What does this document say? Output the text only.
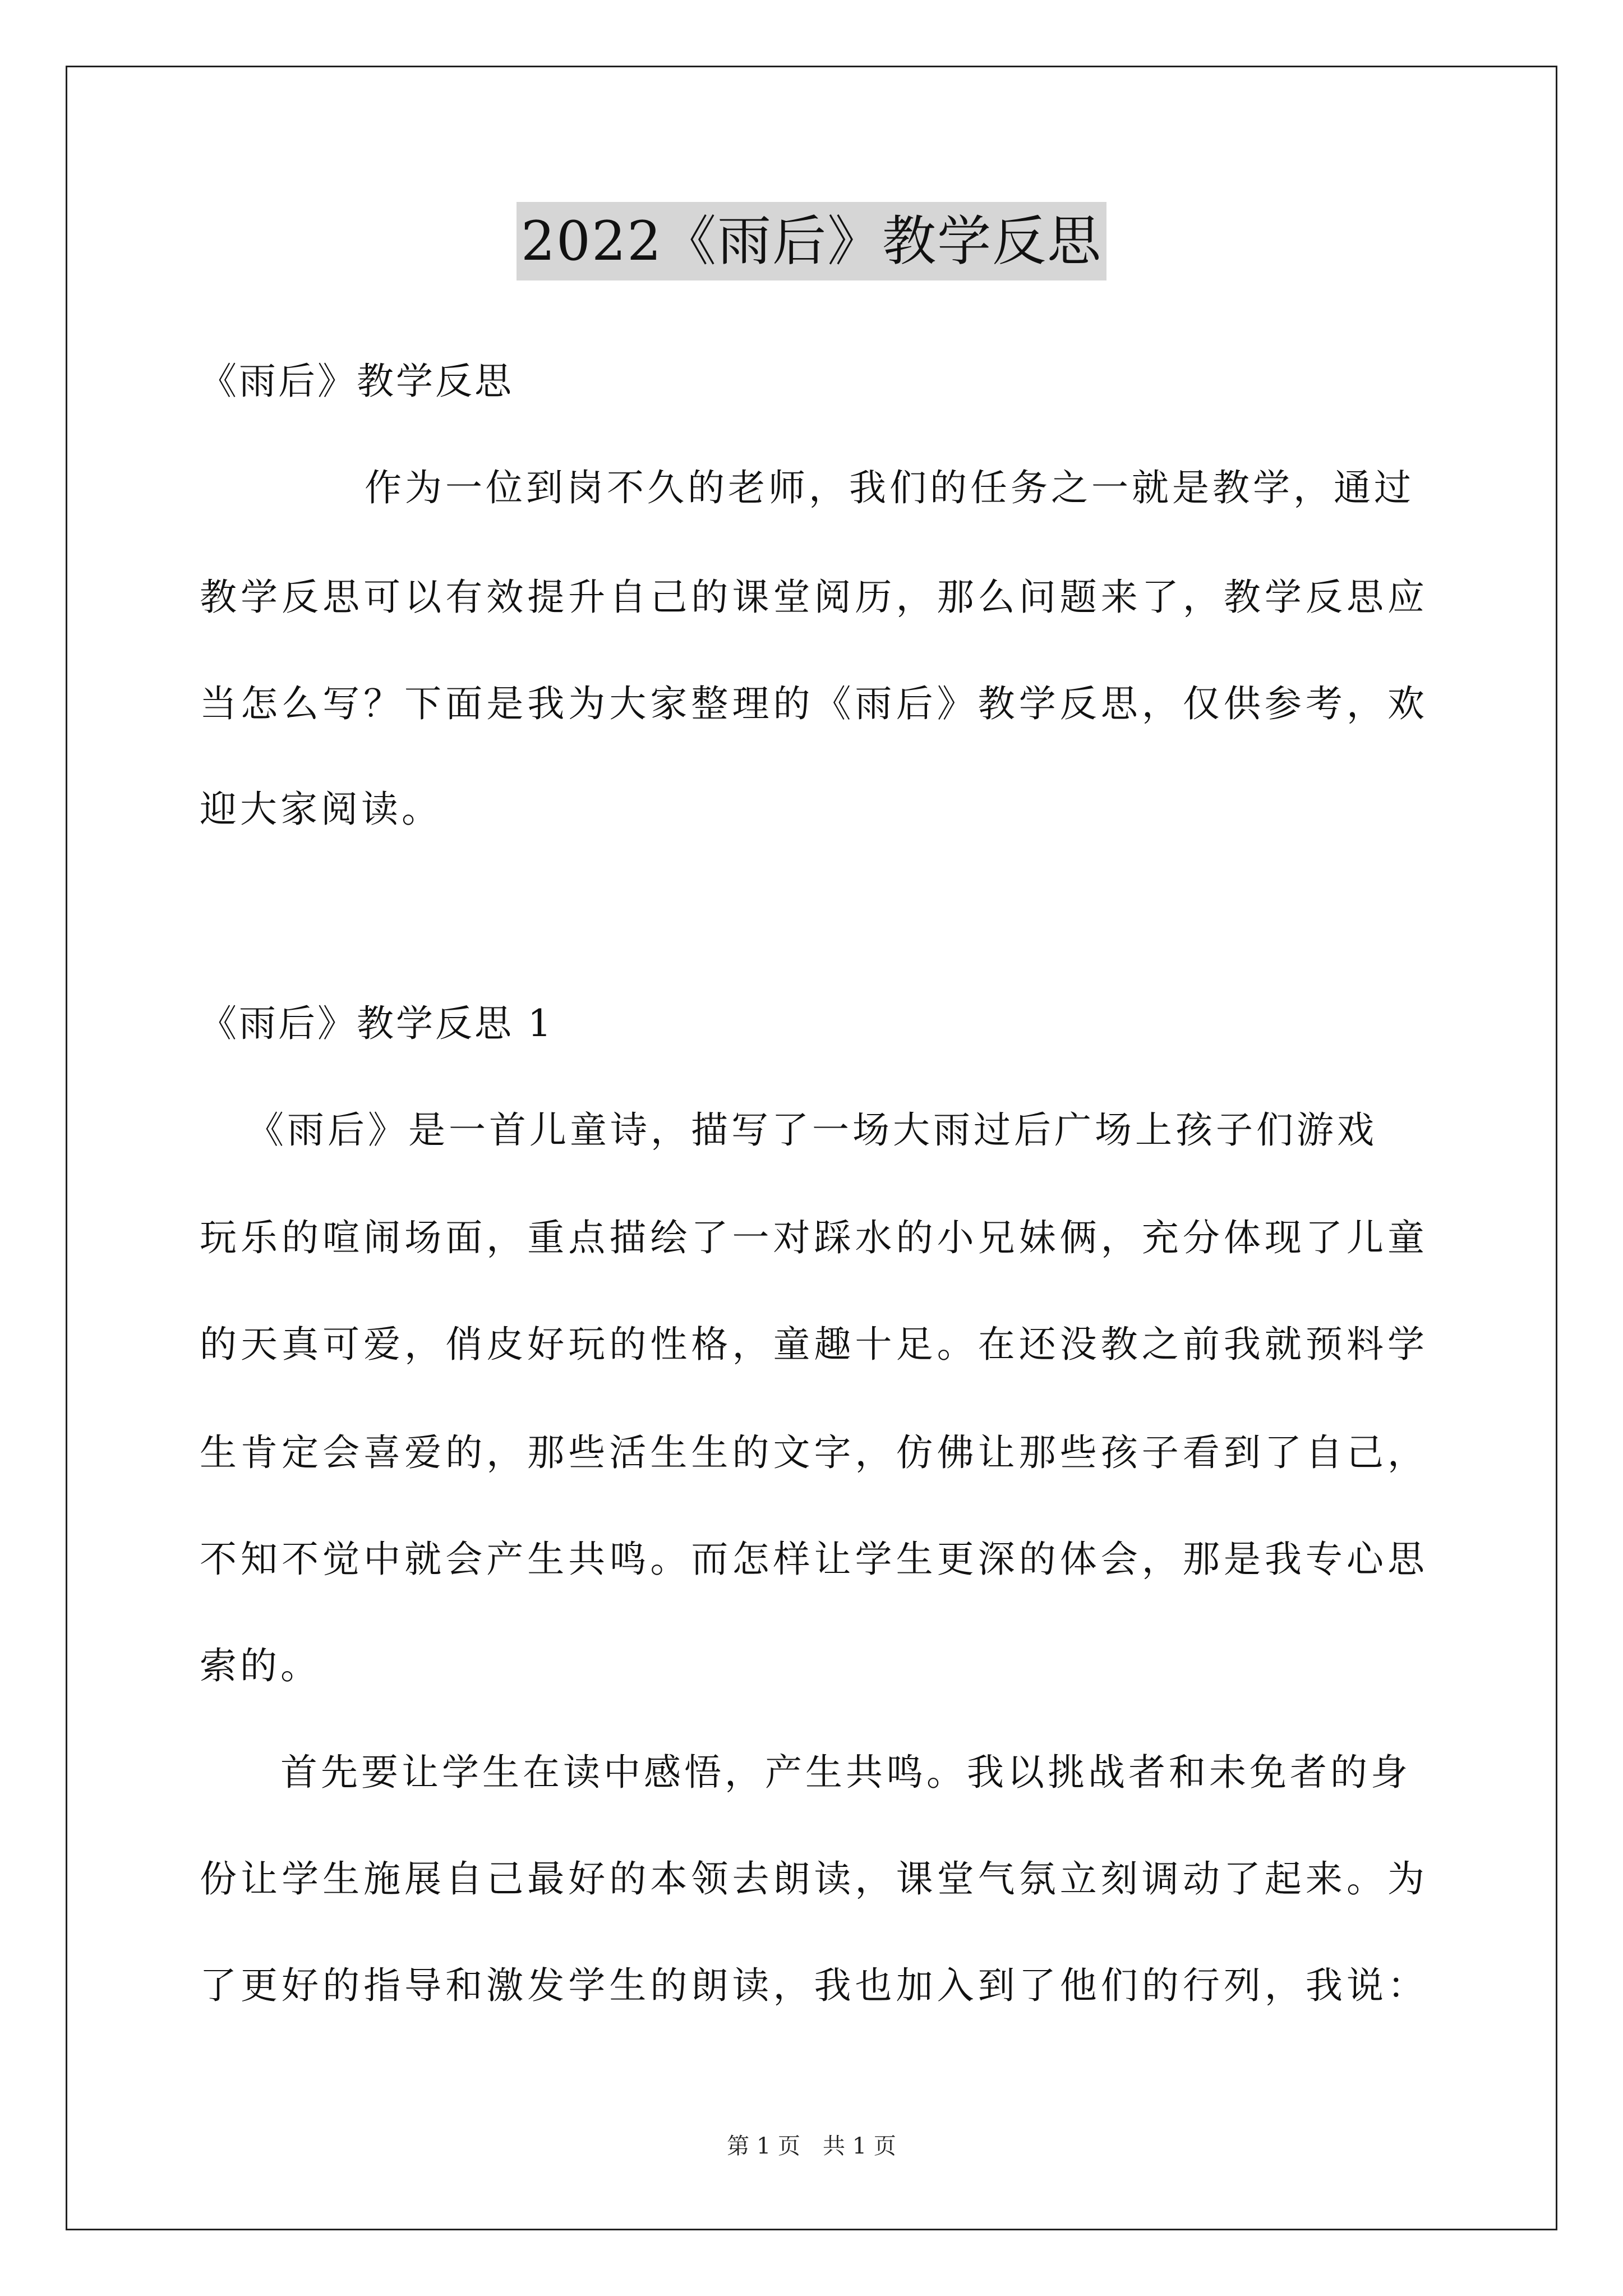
2022《雨后》教学反思
《雨后》教学反思
作为一位到岗不久的老师，我们的任务之一就是教学，通过
教学反思可以有效提升自己的课堂阅历，那么问题来了，教学反思应
当怎么写？下面是我为大家整理的《雨后》教学反思，仅供参考，欢
迎大家阅读。
《雨后》教学反思 1
《雨后》是一首儿童诗，描写了一场大雨过后广场上孩子们游戏
玩乐的喧闹场面，重点描绘了一对踩水的小兄妹俩，充分体现了儿童
的天真可爱，俏皮好玩的性格，童趣十足。在还没教之前我就预料学
生肯定会喜爱的，那些活生生的文字，仿佛让那些孩子看到了自己，
不知不觉中就会产生共鸣。而怎样让学生更深的体会，那是我专心思
索的。
首先要让学生在读中感悟，产生共鸣。我以挑战者和未免者的身
份让学生施展自己最好的本领去朗读，课堂气氛立刻调动了起来。为
了更好的指导和激发学生的朗读，我也加入到了他们的行列，我说：
第 1 页　共 1 页
